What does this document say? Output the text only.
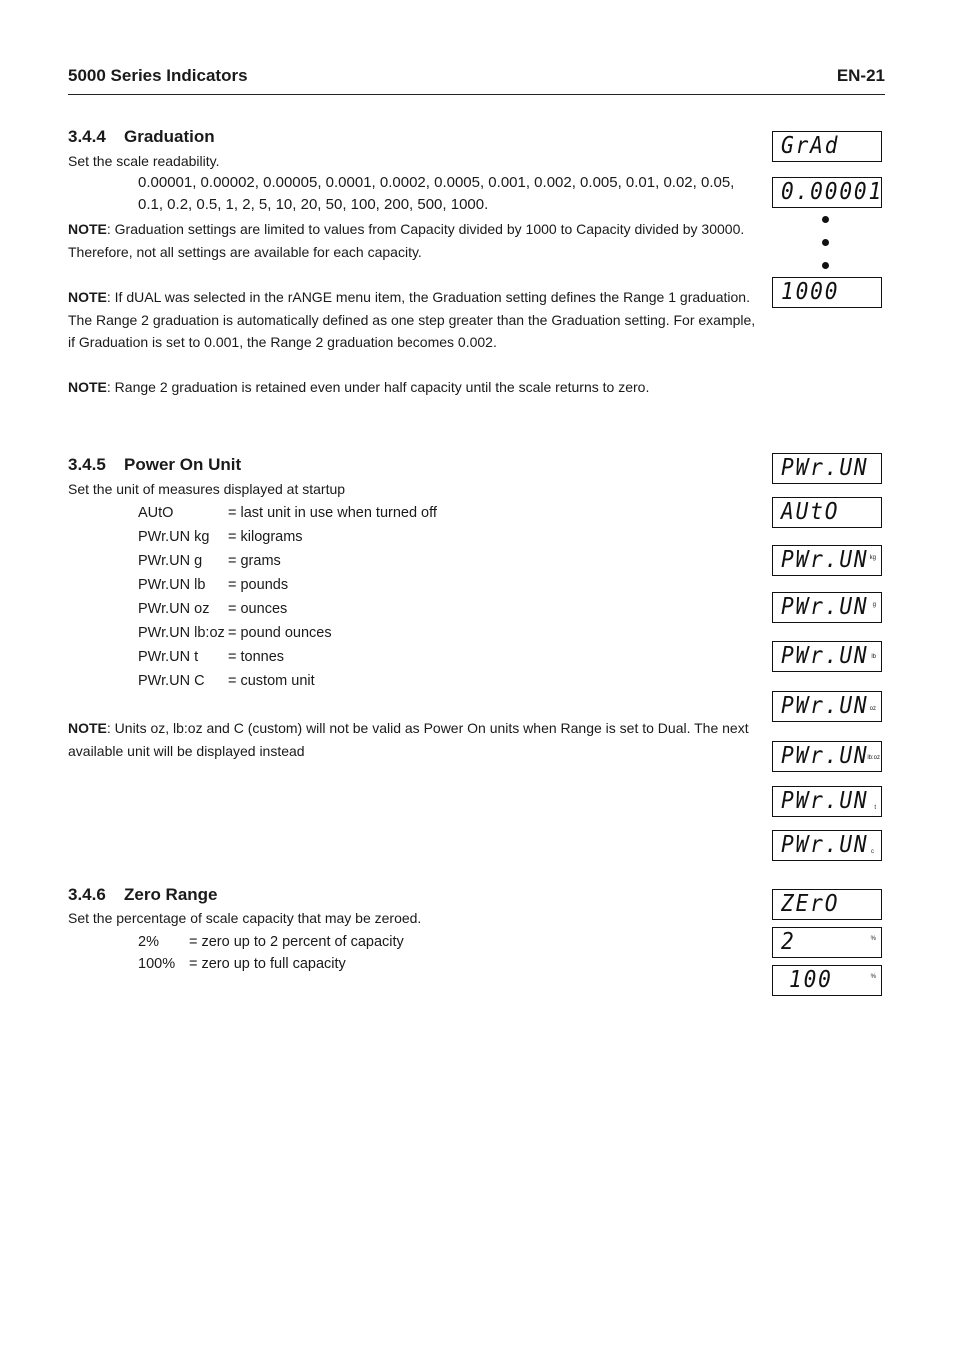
5000 Series Indicators	EN-21
3.4.4 Graduation
Set the scale readability.
0.00001, 0.00002, 0.00005, 0.0001, 0.0002, 0.0005, 0.001, 0.002, 0.005, 0.01, 0.02, 0.05, 0.1, 0.2, 0.5, 1, 2, 5, 10, 20, 50, 100, 200, 500, 1000.
NOTE: Graduation settings are limited to values from Capacity divided by 1000 to Capacity divided by 30000. Therefore, not all settings are available for each capacity.
NOTE: If dUAL was selected in the rANGE menu item, the Graduation setting defines the Range 1 graduation. The Range 2 graduation is automatically defined as one step greater than the Graduation setting. For example, if Graduation is set to 0.001, the Range 2 graduation becomes 0.002.
NOTE: Range 2 graduation is retained even under half capacity until the scale returns to zero.
GrAd
0.00001
1000
3.4.5 Power On Unit
Set the unit of measures displayed at startup
AUtO	= last unit in use when turned off
PWr.UN kg = kilograms
PWr.UN g = grams
PWr.UN lb = pounds
PWr.UN oz = ounces
PWr.UN lb:oz = pound ounces
PWr.UN t = tonnes
PWr.UN C = custom unit
NOTE: Units oz, lb:oz and C (custom) will not be valid as Power On units when Range is set to Dual. The next available unit will be displayed instead
PWr.UN
AUtO
PWr.UN kg
PWr.UN g
PWr.UN lb
PWr.UN oz
PWr.UN
lb:oz
PWr.UN t
PWr.UN c
3.4.6 Zero Range
Set the percentage of scale capacity that may be zeroed.
2% = zero up to 2 percent of capacity
100% = zero up to full capacity
ZErO
2	%
100	%
